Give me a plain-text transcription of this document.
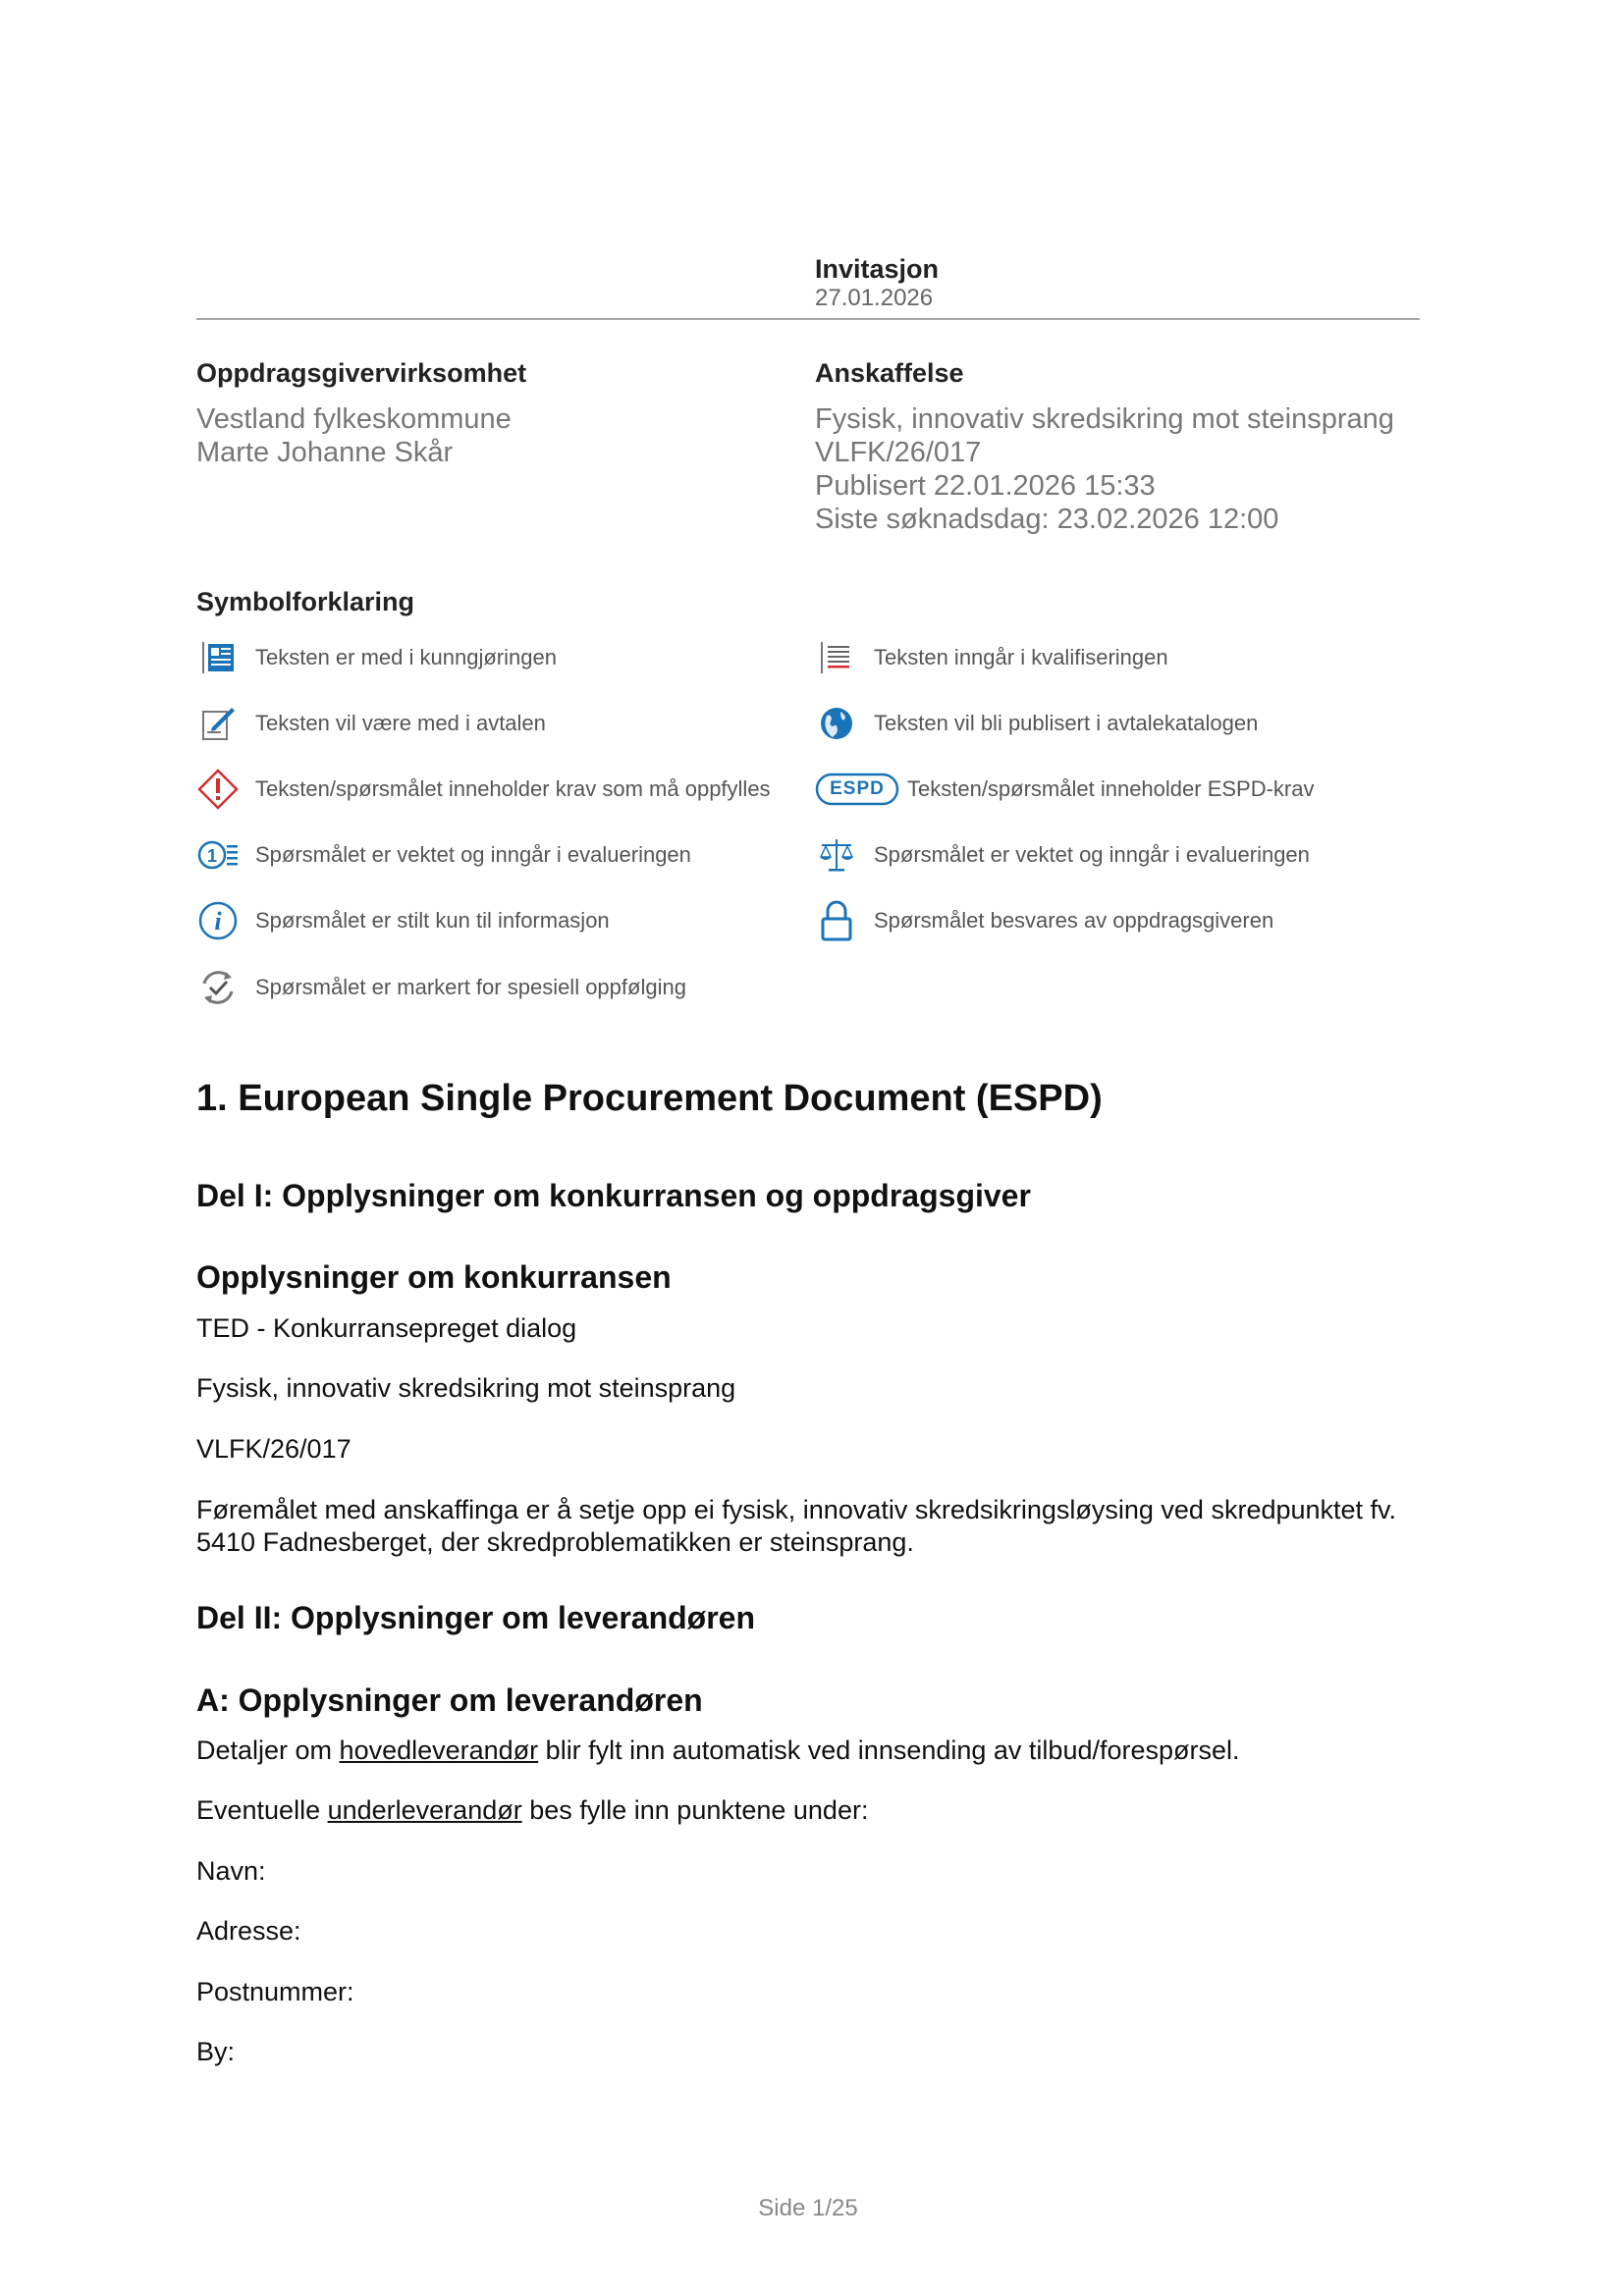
Invitasjon
27.01.2026
Oppdragsgivervirksomhet
Vestland fylkeskommune
Marte Johanne Skår
Anskaffelse
Fysisk, innovativ skredsikring mot steinsprang
VLFK/26/017
Publisert 22.01.2026 15:33
Siste søknadsdag: 23.02.2026 12:00
Symbolforklaring
Teksten er med i kunngjøringen	Teksten inngår i kvalifiseringen
Teksten vil være med i avtalen	Teksten vil bli publisert i avtalekatalogen
Teksten/spørsmålet inneholder krav som må oppfylles	ESPD Teksten/spørsmålet inneholder ESPD-krav
1 Spørsmålet er vektet og inngår i evalueringen	Spørsmålet er vektet og inngår i evalueringen
i Spørsmålet er stilt kun til informasjon	Spørsmålet besvares av oppdragsgiveren
Spørsmålet er markert for spesiell oppfølging
1. European Single Procurement Document (ESPD)
Del I: Opplysninger om konkurransen og oppdragsgiver
Opplysninger om konkurransen
TED - Konkurransepreget dialog
Fysisk, innovativ skredsikring mot steinsprang
VLFK/26/017
Føremålet med anskaffinga er å setje opp ei fysisk, innovativ skredsikringsløysing ved skredpunktet fv. 5410 Fadnesberget, der skredproblematikken er steinsprang.
Del II: Opplysninger om leverandøren
A: Opplysninger om leverandøren
Detaljer om hovedleverandør blir fylt inn automatisk ved innsending av tilbud/forespørsel.
Eventuelle underleverandør bes fylle inn punktene under:
Navn:
Adresse:
Postnummer:
By:
Side 1/25
